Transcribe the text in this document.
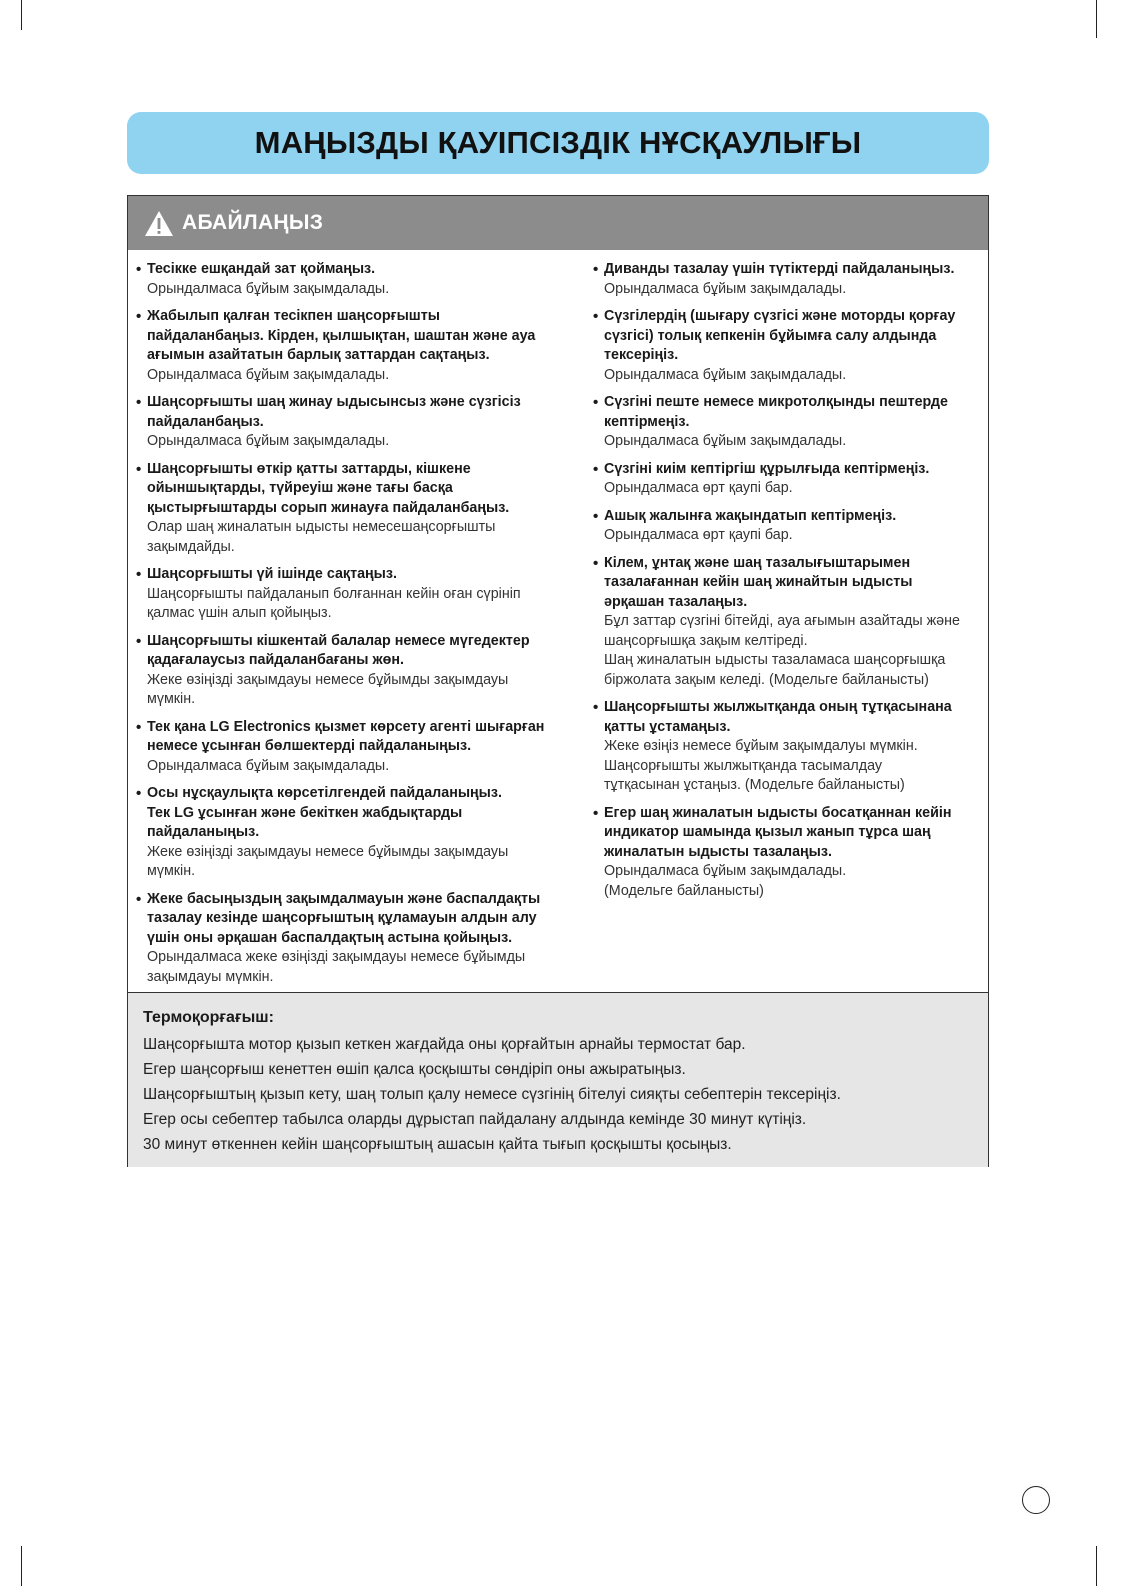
МАҢЫЗДЫ ҚАУІПСІЗДІК НҰСҚАУЛЫҒЫ
АБАЙЛАҢЫЗ
• Тесікке ешқандай зат қоймаңыз.
Орындалмаса бұйым зақымдалады.
• Жабылып қалған тесікпен шаңсорғышты
пайдаланбаңыз. Кірден, қылшықтан, шаштан және ауа
ағымын азайтатын барлық заттардан сақтаңыз.
Орындалмаса бұйым зақымдалады.
• Шаңсорғышты шаң жинау ыдысынсыз және сүзгісіз
пайдаланбаңыз.
Орындалмаса бұйым зақымдалады.
• Шаңсорғышты өткір қатты заттарды, кішкене
ойыншықтарды, түйреуіш және тағы басқа
қыстырғыштарды сорып жинауға пайдаланбаңыз.
Олар шаң жиналатын ыдысты немесешаңсорғышты
зақымдайды.
• Шаңсорғышты үй ішінде сақтаңыз.
Шаңсорғышты пайдаланып болғаннан кейін оған сүрініп
қалмас үшін алып қойыңыз.
• Шаңсорғышты кішкентай балалар немесе мүгедектер
қадағалаусыз пайдаланбағаны жөн.
Жеке өзіңізді зақымдауы немесе бұйымды зақымдауы
мүмкін.
• Тек қана LG Electronics қызмет көрсету агенті шығарған
немесе ұсынған бөлшектерді пайдаланыңыз.
Орындалмаса бұйым зақымдалады.
• Осы нұсқаулықта көрсетілгендей пайдаланыңыз.
Тек LG ұсынған және бекіткен жабдықтарды
пайдаланыңыз.
Жеке өзіңізді зақымдауы немесе бұйымды зақымдауы
мүмкін.
• Жеке басыңыздың зақымдалмауын және баспалдақты
тазалау кезінде шаңсорғыштың құламауын алдын алу
үшін оны әрқашан баспалдақтың астына қойыңыз.
Орындалмаса жеке өзіңізді зақымдауы немесе бұйымды
зақымдауы мүмкін.
• Диванды тазалау үшін түтіктерді пайдаланыңыз.
Орындалмаса бұйым зақымдалады.
• Сүзгілердің (шығару сүзгісі және моторды қорғау
сүзгісі) толық кепкенін бұйымға салу алдында
тексеріңіз.
Орындалмаса бұйым зақымдалады.
• Сүзгіні пеште немесе микротолқынды пештерде
кептірмеңіз.
Орындалмаса бұйым зақымдалады.
• Сүзгіні киім кептіргіш құрылғыда кептірмеңіз.
Орындалмаса өрт қаупі бар.
• Ашық жалынға жақындатып кептірмеңіз.
Орындалмаса өрт қаупі бар.
• Кілем, ұнтақ және шаң тазалығыштарымен
тазалағаннан кейін шаң жинайтын ыдысты
әрқашан тазалаңыз.
Бұл заттар сүзгіні бітейді, ауа ағымын азайтады және
шаңсорғышқа зақым келтіреді.
Шаң жиналатын ыдысты тазаламаса шаңсорғышқа
біржолата зақым келеді. (Модельге байланысты)
• Шаңсорғышты жылжытқанда оның тұтқасынана
қатты ұстамаңыз.
Жеке өзіңіз немесе бұйым зақымдалуы мүмкін.
Шаңсорғышты жылжытқанда тасымалдау
тұтқасынан ұстаңыз. (Модельге байланысты)
• Егер шаң жиналатын ыдысты босатқаннан кейін
индикатор шамында қызыл жанып тұрса шаң
жиналатын ыдысты тазалаңыз.
Орындалмаса бұйым зақымдалады.
(Модельге байланысты)
Термоқорғағыш:
Шаңсорғышта мотор қызып кеткен жағдайда оны қорғайтын арнайы термостат бар.
Егер шаңсорғыш кенеттен өшіп қалса қосқышты сөндіріп оны ажыратыңыз.
Шаңсорғыштың қызып кету, шаң толып қалу немесе сүзгінің бітелуі сияқты себептерін тексеріңіз.
Егер осы себептер табылса оларды дұрыстап пайдалану алдында кемінде 30 минут күтіңіз.
30 минут өткеннен кейін шаңсорғыштың ашасын қайта тығып қосқышты қосыңыз.
